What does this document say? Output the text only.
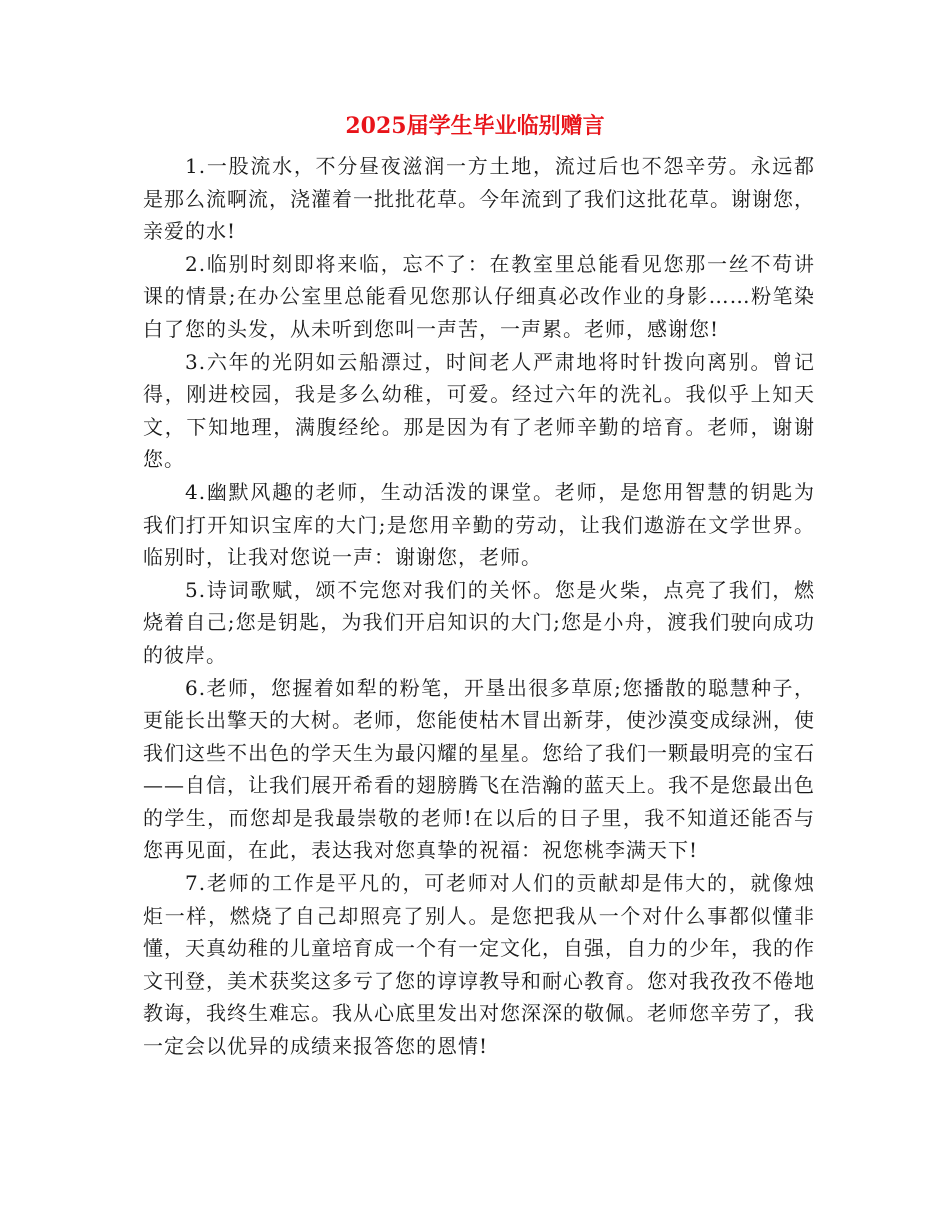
2025届学生毕业临别赠言

1.一股流水，不分昼夜滋润一方土地，流过后也不怨辛劳。永远都是那么流啊流，浇灌着一批批花草。今年流到了我们这批花草。谢谢您，亲爱的水!

2.临别时刻即将来临，忘不了：在教室里总能看见您那一丝不苟讲课的情景;在办公室里总能看见您那认仔细真必改作业的身影……粉笔染白了您的头发，从未听到您叫一声苦，一声累。老师，感谢您!

3.六年的光阴如云船漂过，时间老人严肃地将时针拨向离别。曾记得，刚进校园，我是多么幼稚，可爱。经过六年的洗礼。我似乎上知天文，下知地理，满腹经纶。那是因为有了老师辛勤的培育。老师，谢谢您。

4.幽默风趣的老师，生动活泼的课堂。老师，是您用智慧的钥匙为我们打开知识宝库的大门;是您用辛勤的劳动，让我们遨游在文学世界。临别时，让我对您说一声：谢谢您，老师。

5.诗词歌赋，颂不完您对我们的关怀。您是火柴，点亮了我们，燃烧着自己;您是钥匙，为我们开启知识的大门;您是小舟，渡我们驶向成功的彼岸。

6.老师，您握着如犁的粉笔，开垦出很多草原;您播散的聪慧种子，更能长出擎天的大树。老师，您能使枯木冒出新芽，使沙漠变成绿洲，使我们这些不出色的学天生为最闪耀的星星。您给了我们一颗最明亮的宝石——自信，让我们展开希看的翅膀腾飞在浩瀚的蓝天上。我不是您最出色的学生，而您却是我最崇敬的老师!在以后的日子里，我不知道还能否与您再见面，在此，表达我对您真挚的祝福：祝您桃李满天下!

7.老师的工作是平凡的，可老师对人们的贡献却是伟大的，就像烛炬一样，燃烧了自己却照亮了别人。是您把我从一个对什么事都似懂非懂，天真幼稚的儿童培育成一个有一定文化，自强，自力的少年，我的作文刊登，美术获奖这多亏了您的谆谆教导和耐心教育。您对我孜孜不倦地教诲，我终生难忘。我从心底里发出对您深深的敬佩。老师您辛劳了，我一定会以优异的成绩来报答您的恩情!
